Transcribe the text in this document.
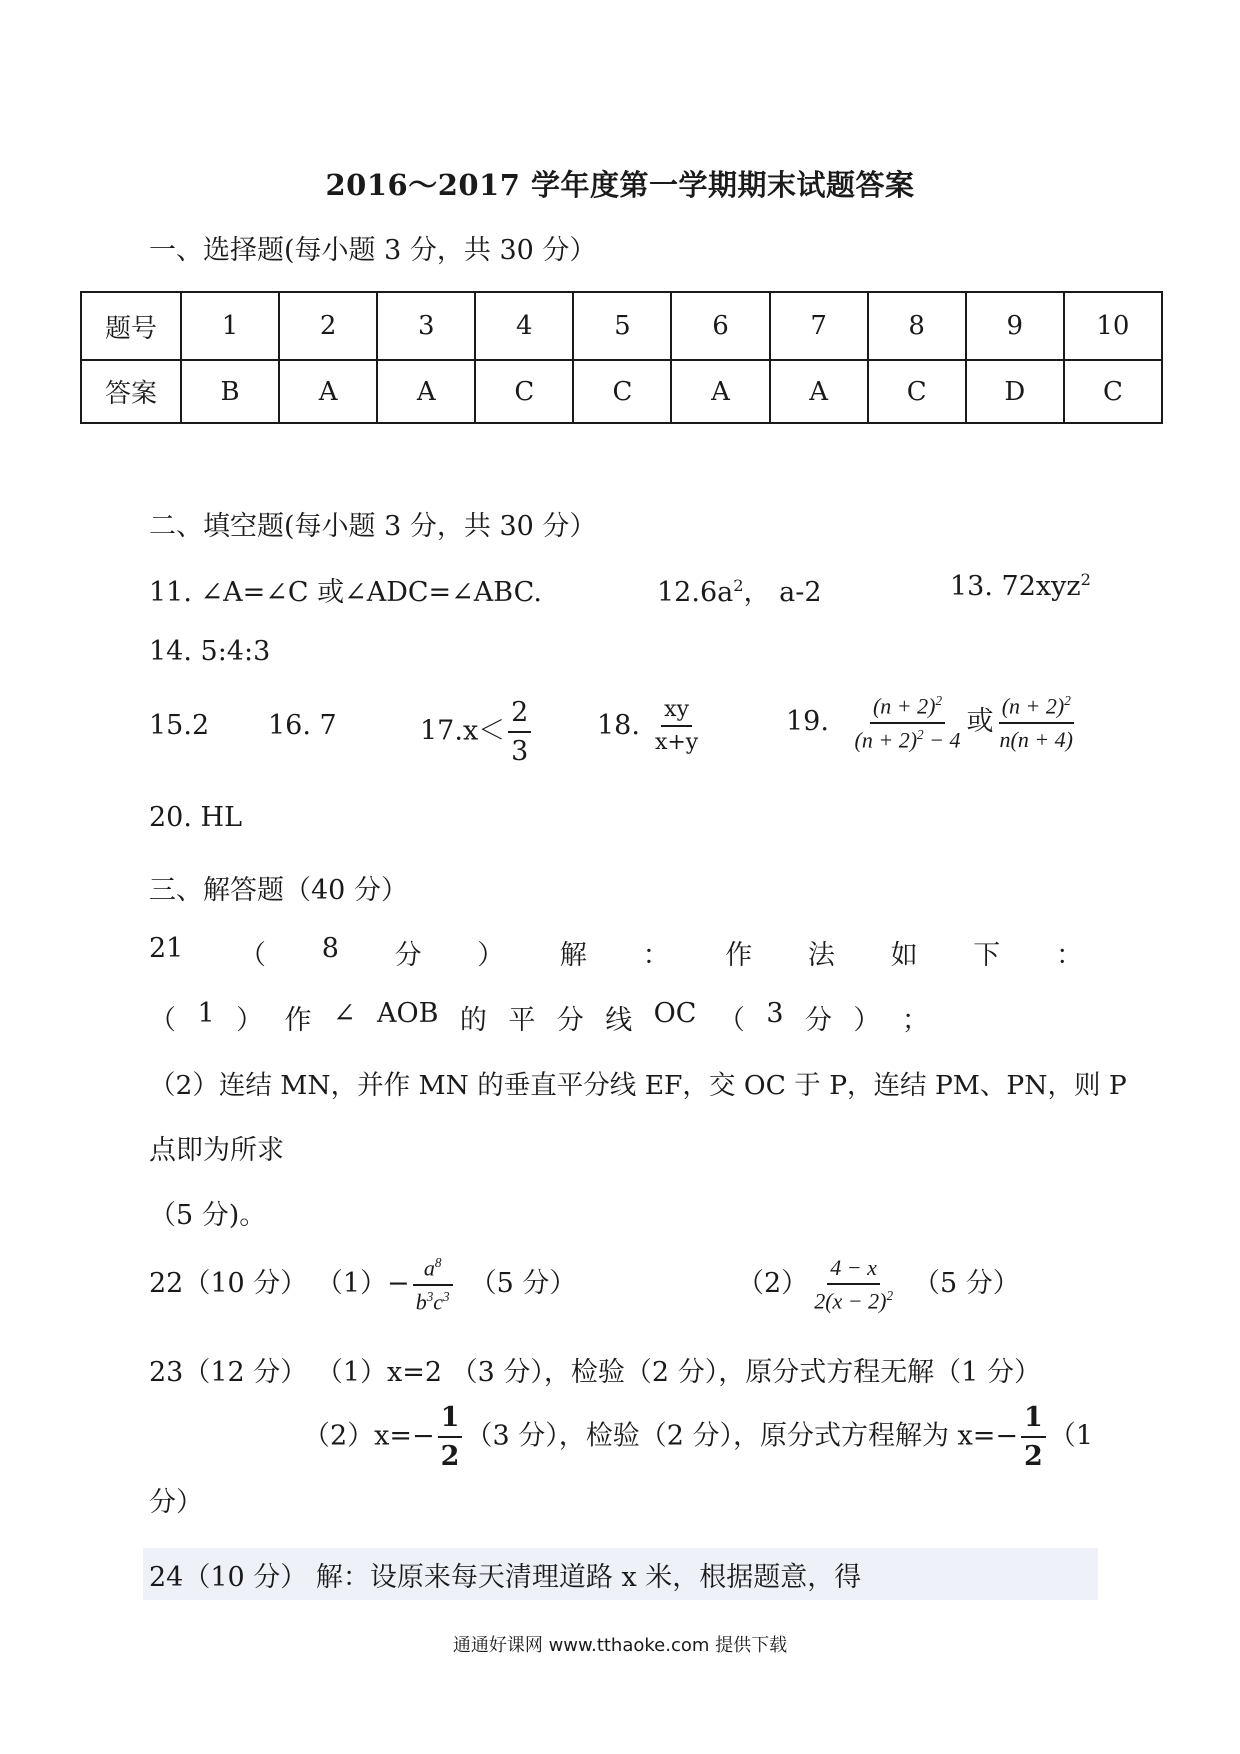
2016～2017 学年度第一学期期末试题答案
一、选择题(每小题 3 分，共 30 分）
题号	1	2	3	4	5	6	7	8	9	10
答案	B	A	A	C	C	A	A	C	D	C
二、填空题(每小题 3 分，共 30 分）
11. ∠A=∠C 或∠ADC=∠ABC.	$12.6a^2$， a-2	13. 72xyz$^2$
14. 5:4:3
15.2 16. 7	$17.x< \frac{2}{3} 18$. $\frac{xy}{x+y}$	19. $\frac{(n + 2)^2}{(n + 2)^2 - 4}$ 或 $\frac{(n + 2)^2}{n(n + 4)}$
20. HL
三、解答题（40 分）
21 （ 8 分 ） 解 ： 作 法 如 下 ：
（ 1 ） 作 ∠ AOB 的 平 分 线 OC （ 3 分 ） ；
（2）连结 MN，并作 MN 的垂直平分线 EF，交 OC 于 P，连结 PM、PN，则 P
点即为所求
（5 分)。
22（10 分） $(1)- \frac{a^8}{b^3c^3} (5$ 分）	$(2) \frac{4 - x}{2(x - 2)^2} (5$ 分）
23（12 分） （1）x=2 （3 分），检验（2 分），原分式方程无解（1 分）
$(2)x=- \frac{1}{2} (3$ 分），检验（2 分），原分式方程解为 $x=- \frac{1}{2} (1$
分）
24（10 分） 解：设原来每天清理道路 x 米，根据题意，得
通通好课网 www.tthaoke.com 提供下载
